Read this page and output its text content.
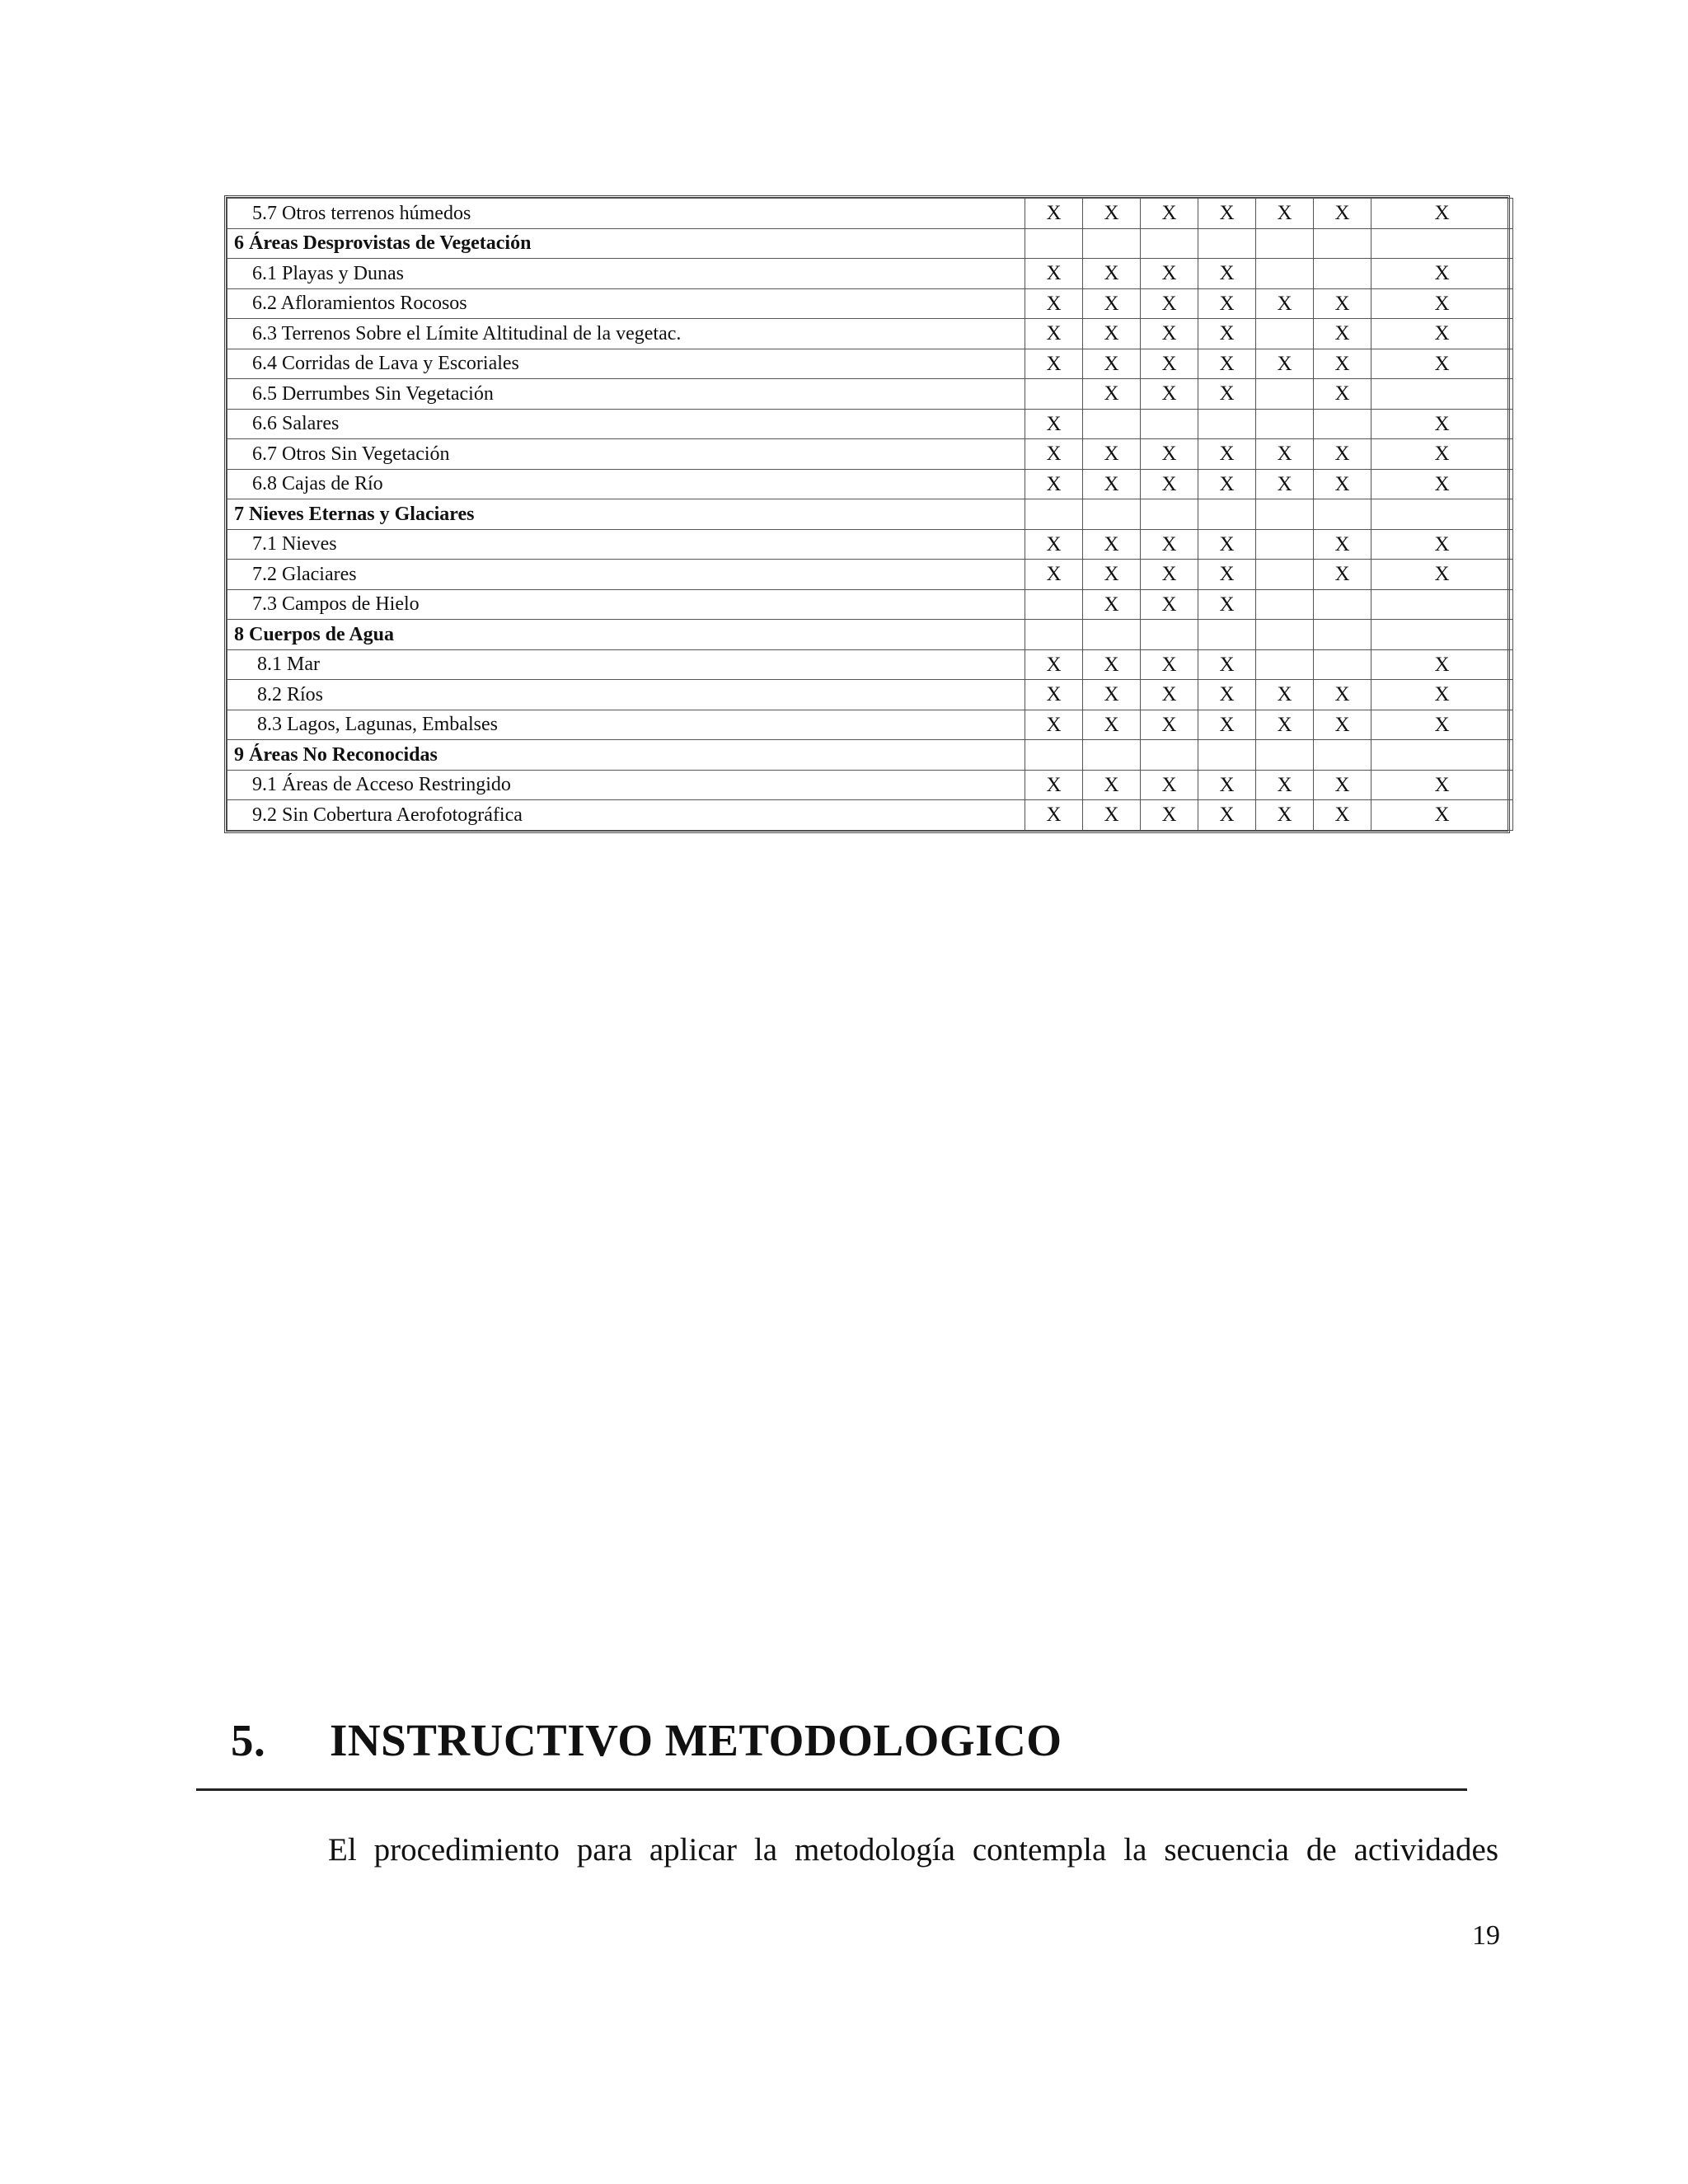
5.7 Otros terrenos húmedos	X	X	X	X	X	X	X
6 Áreas Desprovistas de Vegetación							
6.1 Playas y Dunas	X	X	X	X			X
6.2 Afloramientos Rocosos	X	X	X	X	X	X	X
6.3 Terrenos Sobre el Límite Altitudinal de la vegetac.	X	X	X	X		X	X
6.4 Corridas de Lava y Escoriales	X	X	X	X	X	X	X
6.5 Derrumbes Sin Vegetación		X	X	X		X	
6.6 Salares	X						X
6.7 Otros Sin Vegetación	X	X	X	X	X	X	X
6.8 Cajas de Río	X	X	X	X	X	X	X
7 Nieves Eternas y Glaciares							
7.1 Nieves	X	X	X	X		X	X
7.2 Glaciares	X	X	X	X		X	X
7.3 Campos de Hielo		X	X	X			
8 Cuerpos de Agua							
8.1 Mar	X	X	X	X			X
8.2 Ríos	X	X	X	X	X	X	X
8.3 Lagos, Lagunas, Embalses	X	X	X	X	X	X	X
9 Áreas No Reconocidas							
9.1 Áreas de Acceso Restringido	X	X	X	X	X	X	X
9.2 Sin Cobertura Aerofotográfica	X	X	X	X	X	X	X
5. INSTRUCTIVO METODOLOGICO

El procedimiento para aplicar la metodología contempla la secuencia de actividades

19
